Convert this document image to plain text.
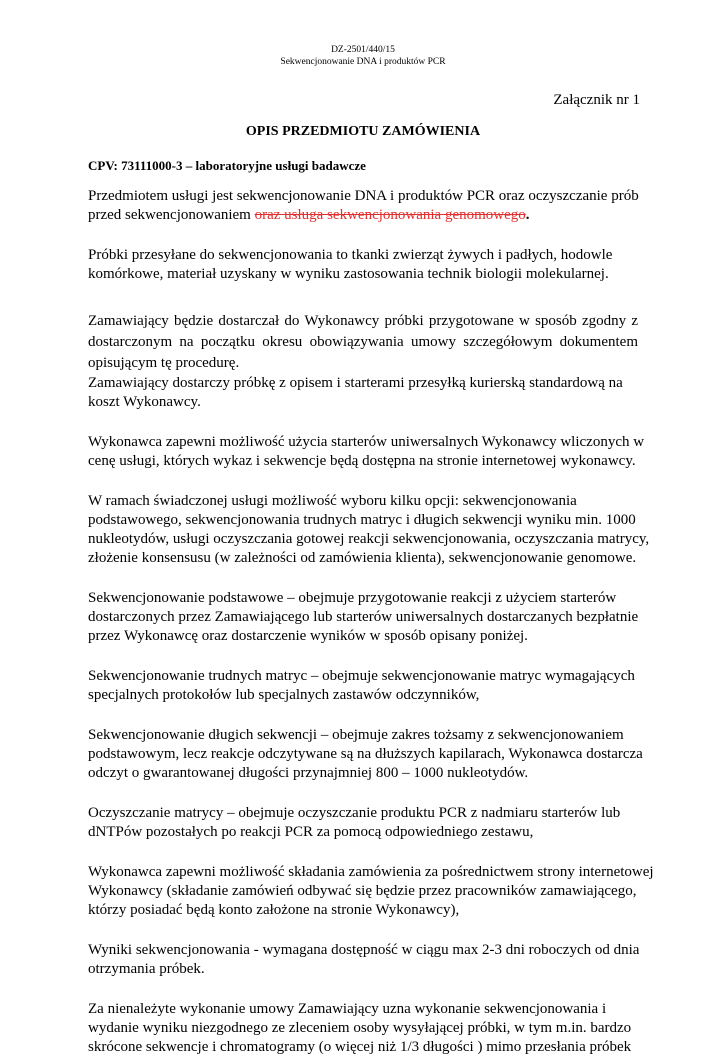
DZ-2501/440/15
Sekwencjonowanie DNA i produktów PCR
Załącznik nr 1
OPIS PRZEDMIOTU ZAMÓWIENIA
CPV: 73111000-3 – laboratoryjne usługi badawcze
Przedmiotem usługi jest sekwencjonowanie DNA i produktów PCR oraz oczyszczanie prób
przed sekwencjonowaniem oraz usługa sekwencjonowania genomowego.
Próbki przesyłane do sekwencjonowania to tkanki zwierząt żywych i padłych, hodowle
komórkowe, materiał uzyskany w wyniku zastosowania technik biologii molekularnej.
Zamawiający będzie dostarczał do Wykonawcy próbki przygotowane w sposób zgodny z
dostarczonym na początku okresu obowiązywania umowy szczegółowym dokumentem
opisującym tę procedurę.
Zamawiający dostarczy próbkę z opisem i starterami przesyłką kurierską standardową na
koszt Wykonawcy.
Wykonawca zapewni możliwość użycia starterów uniwersalnych Wykonawcy wliczonych w
cenę usługi, których wykaz i sekwencje będą dostępna na stronie internetowej wykonawcy.
W ramach świadczonej usługi możliwość wyboru kilku opcji: sekwencjonowania
podstawowego, sekwencjonowania trudnych matryc i długich sekwencji wyniku min. 1000
nukleotydów, usługi oczyszczania gotowej reakcji sekwencjonowania, oczyszczania matrycy,
złożenie konsensusu (w zależności od zamówienia klienta), sekwencjonowanie genomowe.
Sekwencjonowanie podstawowe – obejmuje przygotowanie reakcji z użyciem starterów
dostarczonych przez Zamawiającego lub starterów uniwersalnych dostarczanych bezpłatnie
przez Wykonawcę oraz dostarczenie wyników w sposób opisany poniżej.
Sekwencjonowanie trudnych matryc – obejmuje sekwencjonowanie matryc wymagających
specjalnych protokołów lub specjalnych zastawów odczynników,
Sekwencjonowanie długich sekwencji – obejmuje zakres tożsamy z sekwencjonowaniem
podstawowym, lecz reakcje odczytywane są na dłuższych kapilarach, Wykonawca dostarcza
odczyt o gwarantowanej długości przynajmniej 800 – 1000 nukleotydów.
Oczyszczanie matrycy – obejmuje oczyszczanie produktu PCR z nadmiaru starterów lub
dNTPów pozostałych po reakcji PCR za pomocą odpowiedniego zestawu,
Wykonawca zapewni możliwość składania zamówienia za pośrednictwem strony internetowej
Wykonawcy (składanie zamówień odbywać się będzie przez pracowników zamawiającego,
którzy posiadać będą konto założone na stronie Wykonawcy),
Wyniki sekwencjonowania - wymagana dostępność w ciągu max 2-3 dni roboczych od dnia
otrzymania próbek.
Za nienależyte wykonanie umowy Zamawiający uzna wykonanie sekwencjonowania i
wydanie wyniku niezgodnego ze zleceniem osoby wysyłającej próbki, w tym m.in. bardzo
skrócone sekwencje i chromatogramy (o więcej niż 1/3 długości ) mimo przesłania próbek
